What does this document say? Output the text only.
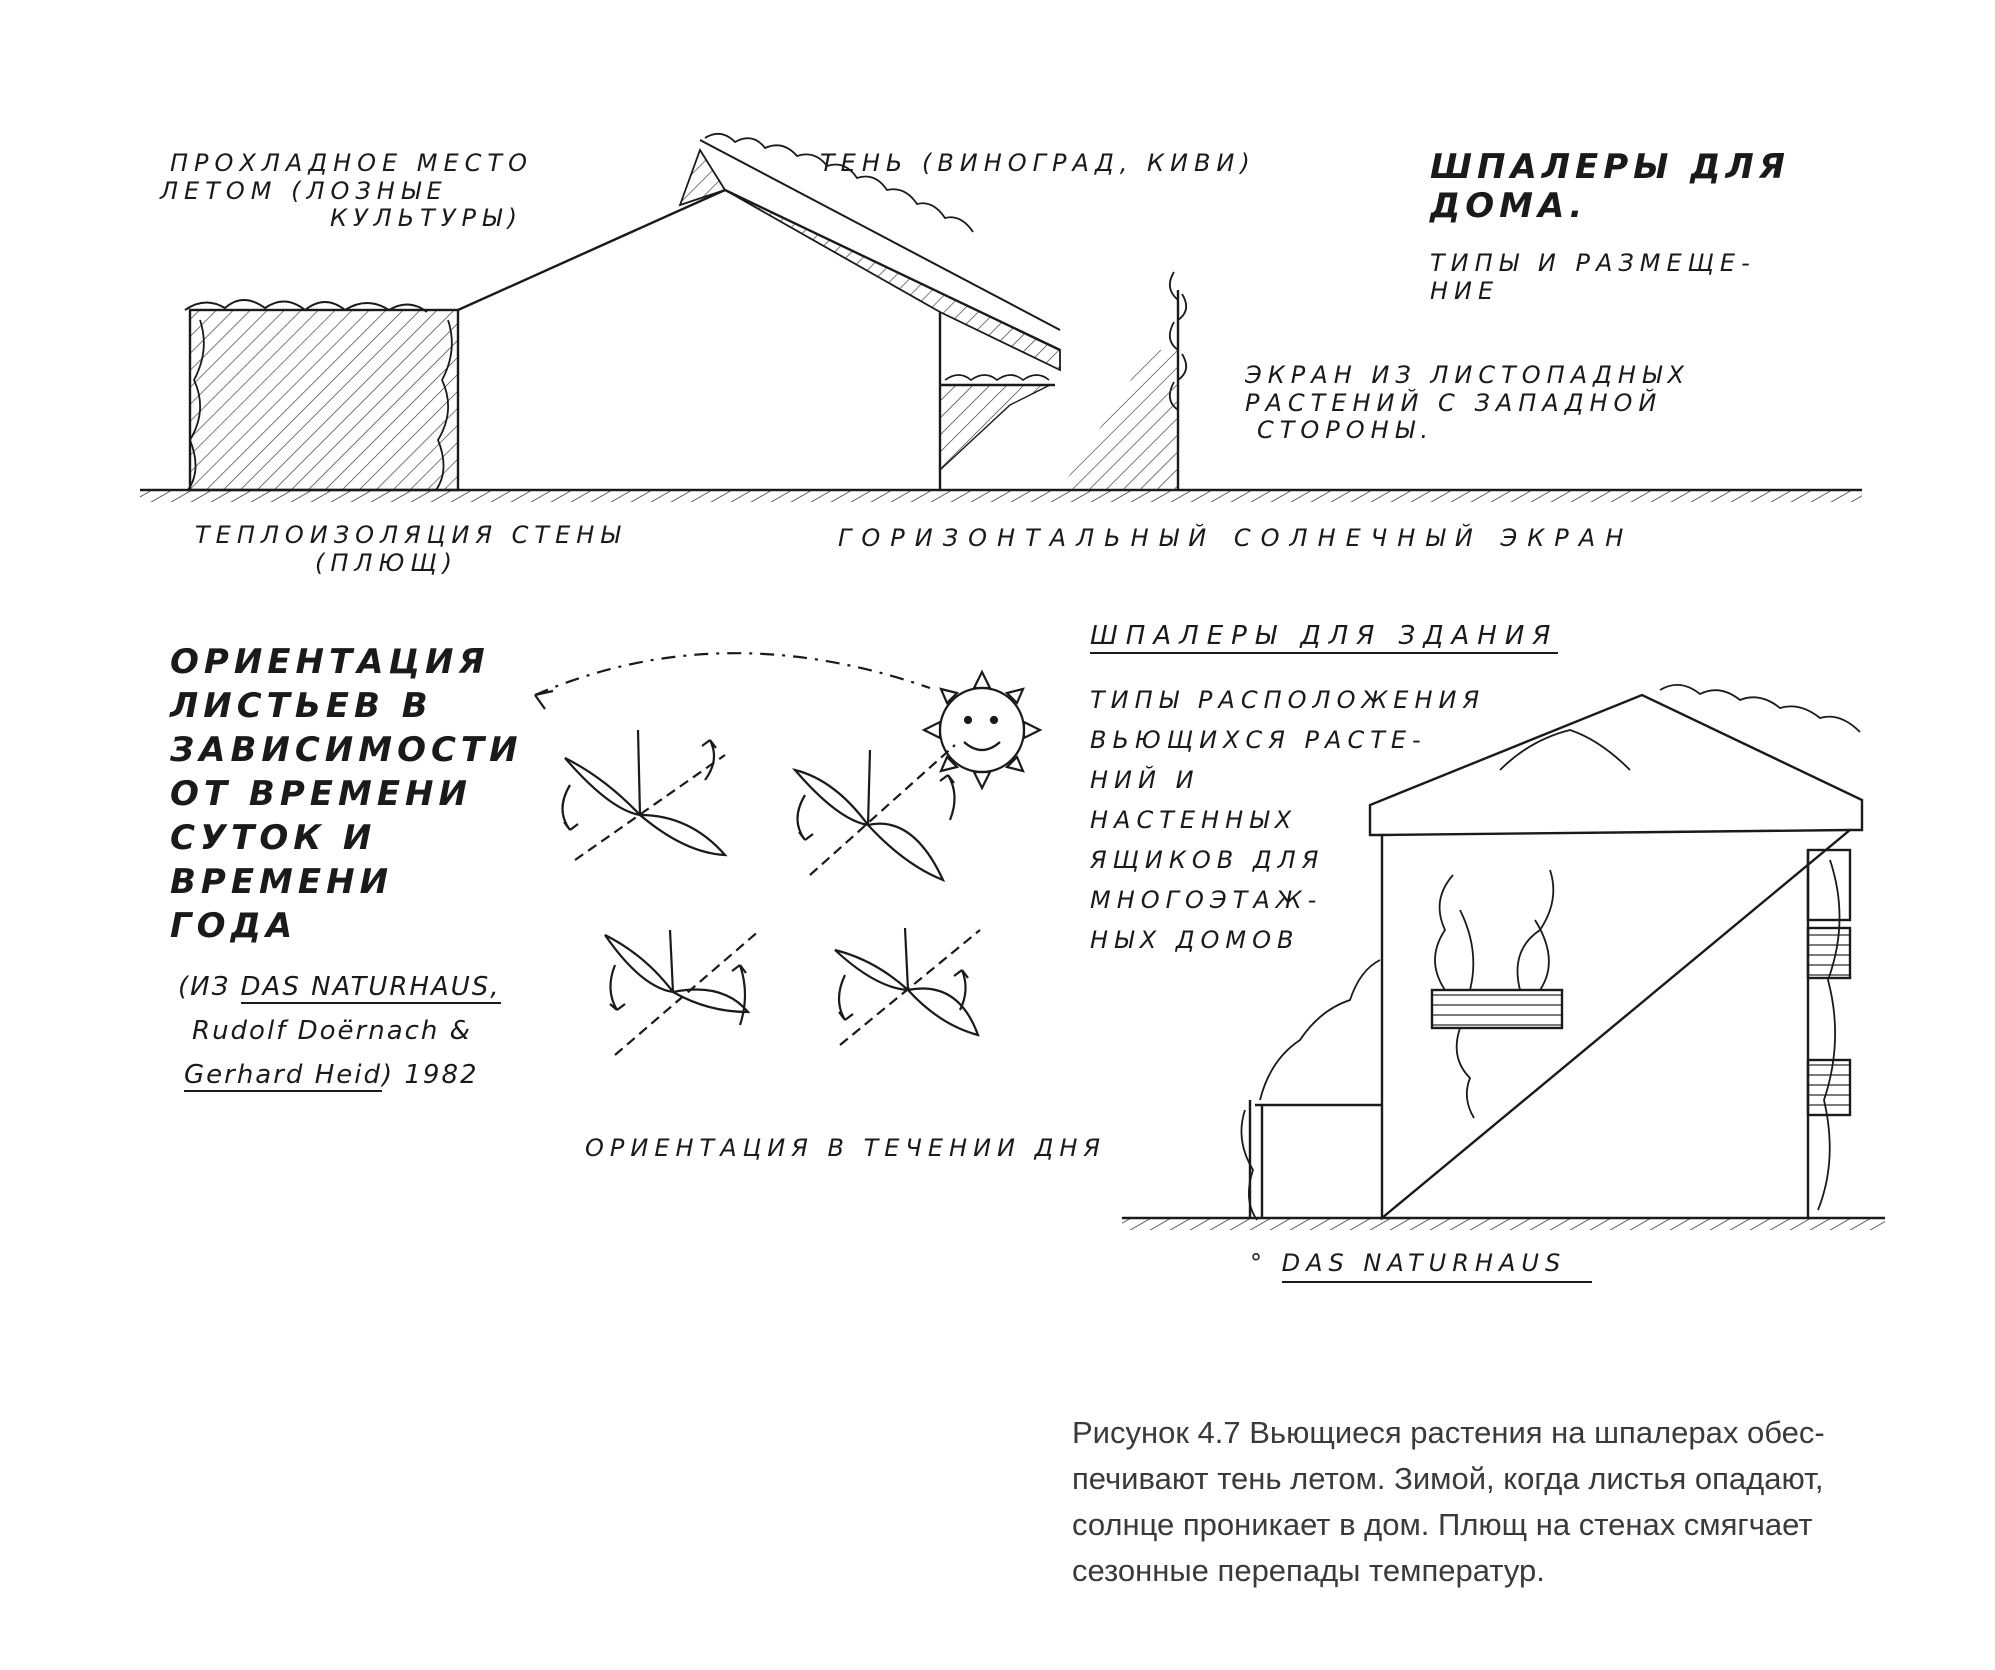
ПРОХЛАДНОЕ МЕСТО
ЛЕТОМ (ЛОЗНЫЕ
КУЛЬТУРЫ)
ТЕНЬ (ВИНОГРАД, КИВИ)	ШПАЛЕРЫ ДЛЯ
ДОМА.
ТИПЫ И РАЗМЕЩЕ-
НИЕ
ЭКРАН ИЗ ЛИСТОПАДНЫХ
РАСТЕНИЙ С ЗАПАДНОЙ
СТОРОНЫ.
ТЕПЛОИЗОЛЯЦИЯ СТЕНЫ
(ПЛЮЩ)
ГОРИЗОНТАЛЬНЫЙ СОЛНЕЧНЫЙ ЭКРАН
ОРИЕНТАЦИЯ
ЛИСТЬЕВ В
ЗАВИСИМОСТИ
ОТ ВРЕМЕНИ
СУТОК И
ВРЕМЕНИ
ГОДА
(ИЗ DAS NATURHAUS,
Rudolf Doërnach &
Gerhard Heid) 1982
ОРИЕНТАЦИЯ В ТЕЧЕНИИ ДНЯ
ШПАЛЕРЫ ДЛЯ ЗДАНИЯ
ТИПЫ РАСПОЛОЖЕНИЯ
ВЬЮЩИХСЯ РАСТЕ-
НИЙ И
НАСТЕННЫХ
ЯЩИКОВ ДЛЯ
МНОГОЭТАЖ-
НЫХ ДОМОВ
° DAS NATURHAUS
Рисунок 4.7 Вьющиеся растения на шпалерах обес-
печивают тень летом. Зимой, когда листья опадают,
солнце проникает в дом. Плющ на стенах смягчает
сезонные перепады температур.
